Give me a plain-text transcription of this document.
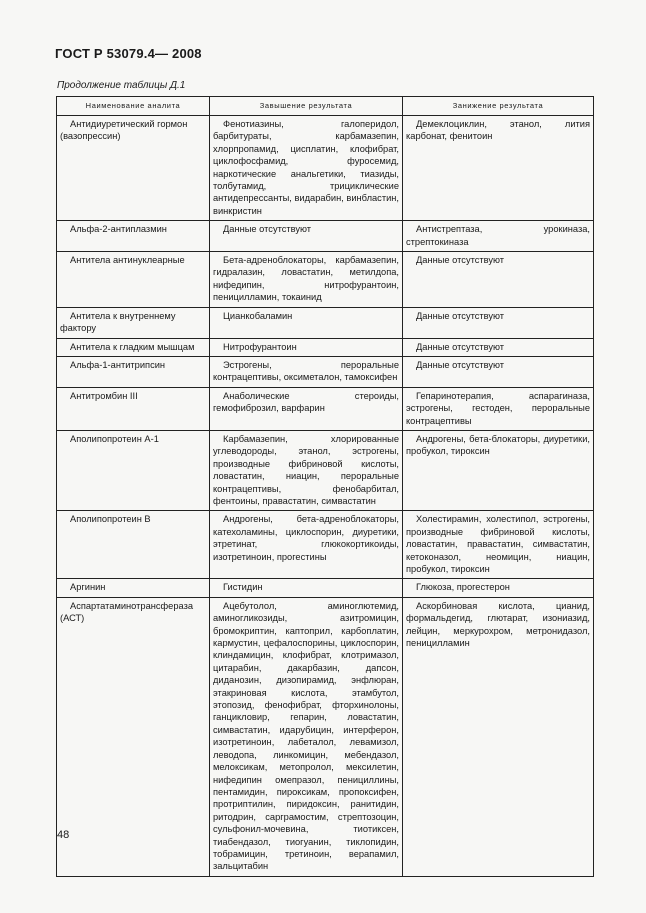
ГОСТ Р 53079.4— 2008
Продолжение таблицы Д.1
Наименование аналита	Завышение результата	Занижение результата
Антидиуретический гормон (вазопрессин)	Фенотиазины, галоперидол, барбитураты, карбамазепин, хлорпропамид, цисплатин, клофибрат, циклофосфамид, фуросемид, наркотические анальгетики, тиазиды, толбутамид, трициклические антидепрессанты, видарабин, винбластин, винкристин	Демеклоциклин, этанол, лития карбонат, фенитоин
Альфа-2-антиплазмин	Данные отсутствуют	Антистрептаза, урокиназа, стрептокиназа
Антитела антинуклеарные	Бета-адреноблокаторы, карбамазепин, гидралазин, ловастатин, метилдопа, нифедипин, нитрофурантоин, пеницилламин, токаинид	Данные отсутствуют
Антитела к внутреннему фактору	Цианкобаламин	Данные отсутствуют
Антитела к гладким мышцам	Нитрофурантоин	Данные отсутствуют
Альфа-1-антитрипсин	Эстрогены, пероральные контрацептивы, оксиметалон, тамоксифен	Данные отсутствуют
Антитромбин III	Анаболические стероиды, гемофиброзил, варфарин	Гепаринотерапия, аспарагиназа, эстрогены, гестоден, пероральные контрацептивы
Аполипопротеин А-1	Карбамазепин, хлорированные углеводороды, этанол, эстрогены, производные фибриновой кислоты, ловастатин, ниацин, пероральные контрацептивы, фенобарбитал, фентоины, правастатин, симвастатин	Андрогены, бета-блокаторы, диуретики, пробукол, тироксин
Аполипопротеин В	Андрогены, бета-адреноблокаторы, катехоламины, циклоспорин, диуретики, этретинат, глюкокортикоиды, изотретиноин, прогестины	Холестирамин, холестипол, эстрогены, производные фибриновой кислоты, ловастатин, правастатин, симвастатин, кетоконазол, неомицин, ниацин, пробукол, тироксин
Аргинин	Гистидин	Глюкоза, прогестерон
Аспартатаминотрансфераза (АСТ)	Ацебутолол, аминоглютемид, аминогликозиды, азитромицин, бромокриптин, каптоприл, карбоплатин, кармустин, цефалоспорины, циклоспорин, клиндамицин, клофибрат, клотримазол, цитарабин, дакарбазин, дапсон, диданозин, дизопирамид, энфлюран, этакриновая кислота, этамбутол, этопозид, фенофибрат, фторхинолоны, ганцикловир, гепарин, ловастатин, симвастатин, идарубицин, интерферон, изотретиноин, лабеталол, левамизол, леводопа, линкомицин, мебендазол, мелоксикам, метопролол, мексилетин, нифедипин омепразол, пенициллины, пентамидин, пироксикам, пропоксифен, протриптилин, пиридоксин, ранитидин, ритодрин, сарграмостим, стрептозоцин, сульфонил-мочевина, тиотиксен, тиабендазол, тиогуанин, тиклопидин, тобрамицин, третиноин, верапамил, зальцитабин	Аскорбиновая кислота, цианид, формальдегид, глютарат, изониазид, лейцин, меркурохром, метронидазол, пеницилламин
48
